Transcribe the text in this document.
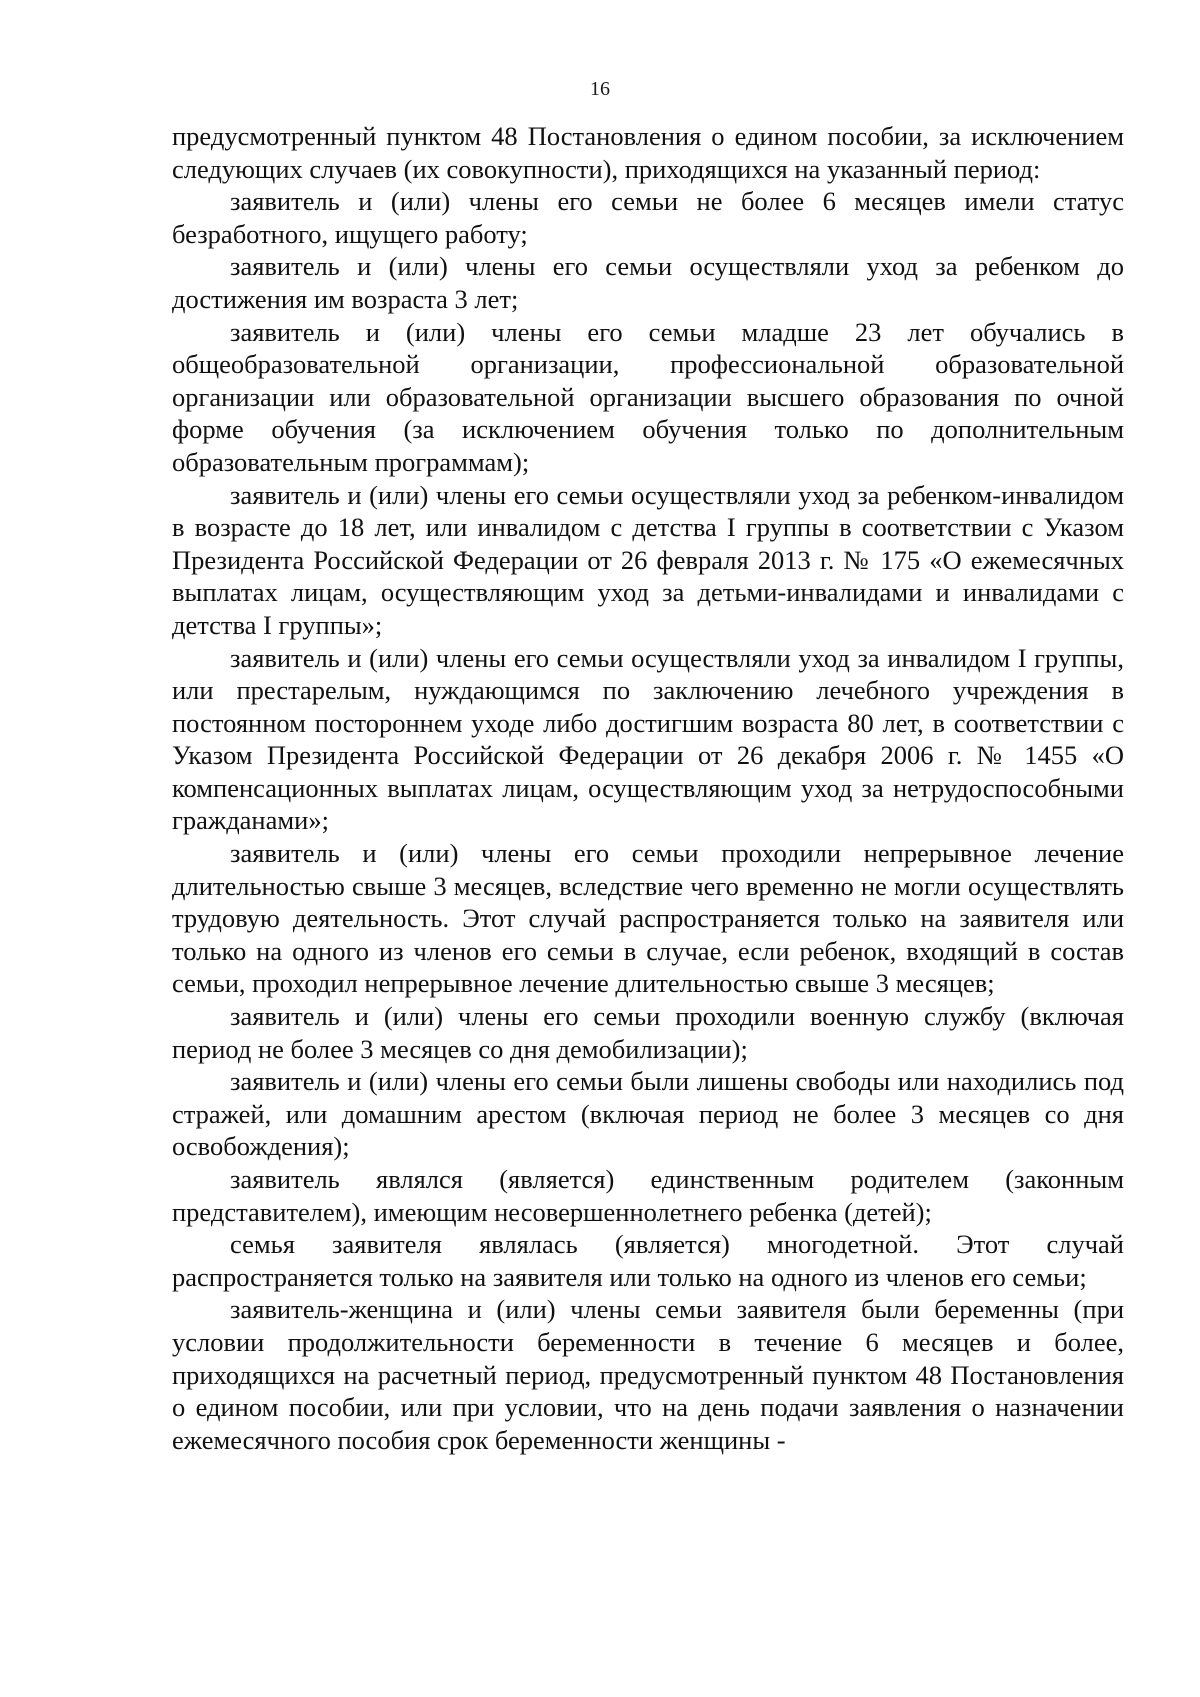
16

предусмотренный пунктом 48 Постановления о едином пособии, за исключением следующих случаев (их совокупности), приходящихся на указанный период:

заявитель и (или) члены его семьи не более 6 месяцев имели статус безработного, ищущего работу;

заявитель и (или) члены его семьи осуществляли уход за ребенком до достижения им возраста 3 лет;

заявитель и (или) члены его семьи младше 23 лет обучались в общеобразовательной организации, профессиональной образовательной организации или образовательной организации высшего образования по очной форме обучения (за исключением обучения только по дополнительным образовательным программам);

заявитель и (или) члены его семьи осуществляли уход за ребенком-инвалидом в возрасте до 18 лет, или инвалидом с детства I группы в соответствии с Указом Президента Российской Федерации от 26 февраля 2013 г. № 175 «О ежемесячных выплатах лицам, осуществляющим уход за детьми-инвалидами и инвалидами с детства I группы»;

заявитель и (или) члены его семьи осуществляли уход за инвалидом I группы, или престарелым, нуждающимся по заключению лечебного учреждения в постоянном постороннем уходе либо достигшим возраста 80 лет, в соответствии с Указом Президента Российской Федерации от 26 декабря 2006 г. № 1455 «О компенсационных выплатах лицам, осуществляющим уход за нетрудоспособными гражданами»;

заявитель и (или) члены его семьи проходили непрерывное лечение длительностью свыше 3 месяцев, вследствие чего временно не могли осуществлять трудовую деятельность. Этот случай распространяется только на заявителя или только на одного из членов его семьи в случае, если ребенок, входящий в состав семьи, проходил непрерывное лечение длительностью свыше 3 месяцев;

заявитель и (или) члены его семьи проходили военную службу (включая период не более 3 месяцев со дня демобилизации);

заявитель и (или) члены его семьи были лишены свободы или находились под стражей, или домашним арестом (включая период не более 3 месяцев со дня освобождения);

заявитель являлся (является) единственным родителем (законным представителем), имеющим несовершеннолетнего ребенка (детей);

семья заявителя являлась (является) многодетной. Этот случай распространяется только на заявителя или только на одного из членов его семьи;

заявитель-женщина и (или) члены семьи заявителя были беременны (при условии продолжительности беременности в течение 6 месяцев и более, приходящихся на расчетный период, предусмотренный пунктом 48 Постановления о едином пособии, или при условии, что на день подачи заявления о назначении ежемесячного пособия срок беременности женщины -
